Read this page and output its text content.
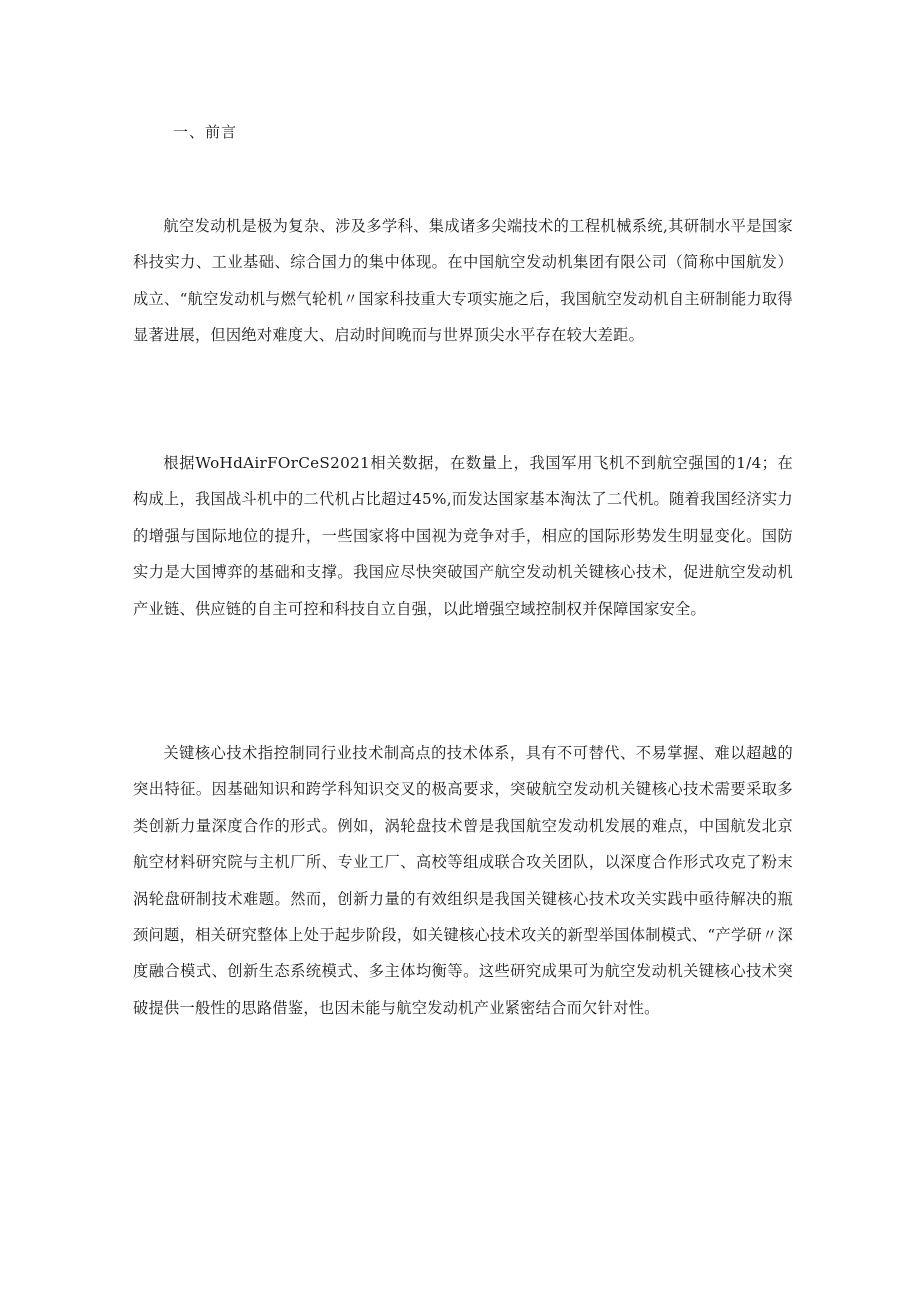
一、前言

航空发动机是极为复杂、涉及多学科、集成诸多尖端技术的工程机械系统,其研制水平是国家科技实力、工业基础、综合国力的集中体现。在中国航空发动机集团有限公司（简称中国航发）成立、“航空发动机与燃气轮机〃国家科技重大专项实施之后，我国航空发动机自主研制能力取得显著进展，但因绝对难度大、启动时间晚而与世界顶尖水平存在较大差距。

根据WoHdAirFOrCeS2021相关数据，在数量上，我国军用飞机不到航空强国的1/4；在构成上，我国战斗机中的二代机占比超过45%,而发达国家基本淘汰了二代机。随着我国经济实力的增强与国际地位的提升，一些国家将中国视为竞争对手，相应的国际形势发生明显变化。国防实力是大国博弈的基础和支撑。我国应尽快突破国产航空发动机关键核心技术，促进航空发动机产业链、供应链的自主可控和科技自立自强，以此增强空域控制权并保障国家安全。

关键核心技术指控制同行业技术制高点的技术体系，具有不可替代、不易掌握、难以超越的突出特征。因基础知识和跨学科知识交叉的极高要求，突破航空发动机关键核心技术需要采取多类创新力量深度合作的形式。例如，涡轮盘技术曾是我国航空发动机发展的难点，中国航发北京航空材料研究院与主机厂所、专业工厂、高校等组成联合攻关团队，以深度合作形式攻克了粉末涡轮盘研制技术难题。然而，创新力量的有效组织是我国关键核心技术攻关实践中亟待解决的瓶颈问题，相关研究整体上处于起步阶段，如关键核心技术攻关的新型举国体制模式、“产学研〃深度融合模式、创新生态系统模式、多主体均衡等。这些研究成果可为航空发动机关键核心技术突破提供一般性的思路借鉴，也因未能与航空发动机产业紧密结合而欠针对性。
